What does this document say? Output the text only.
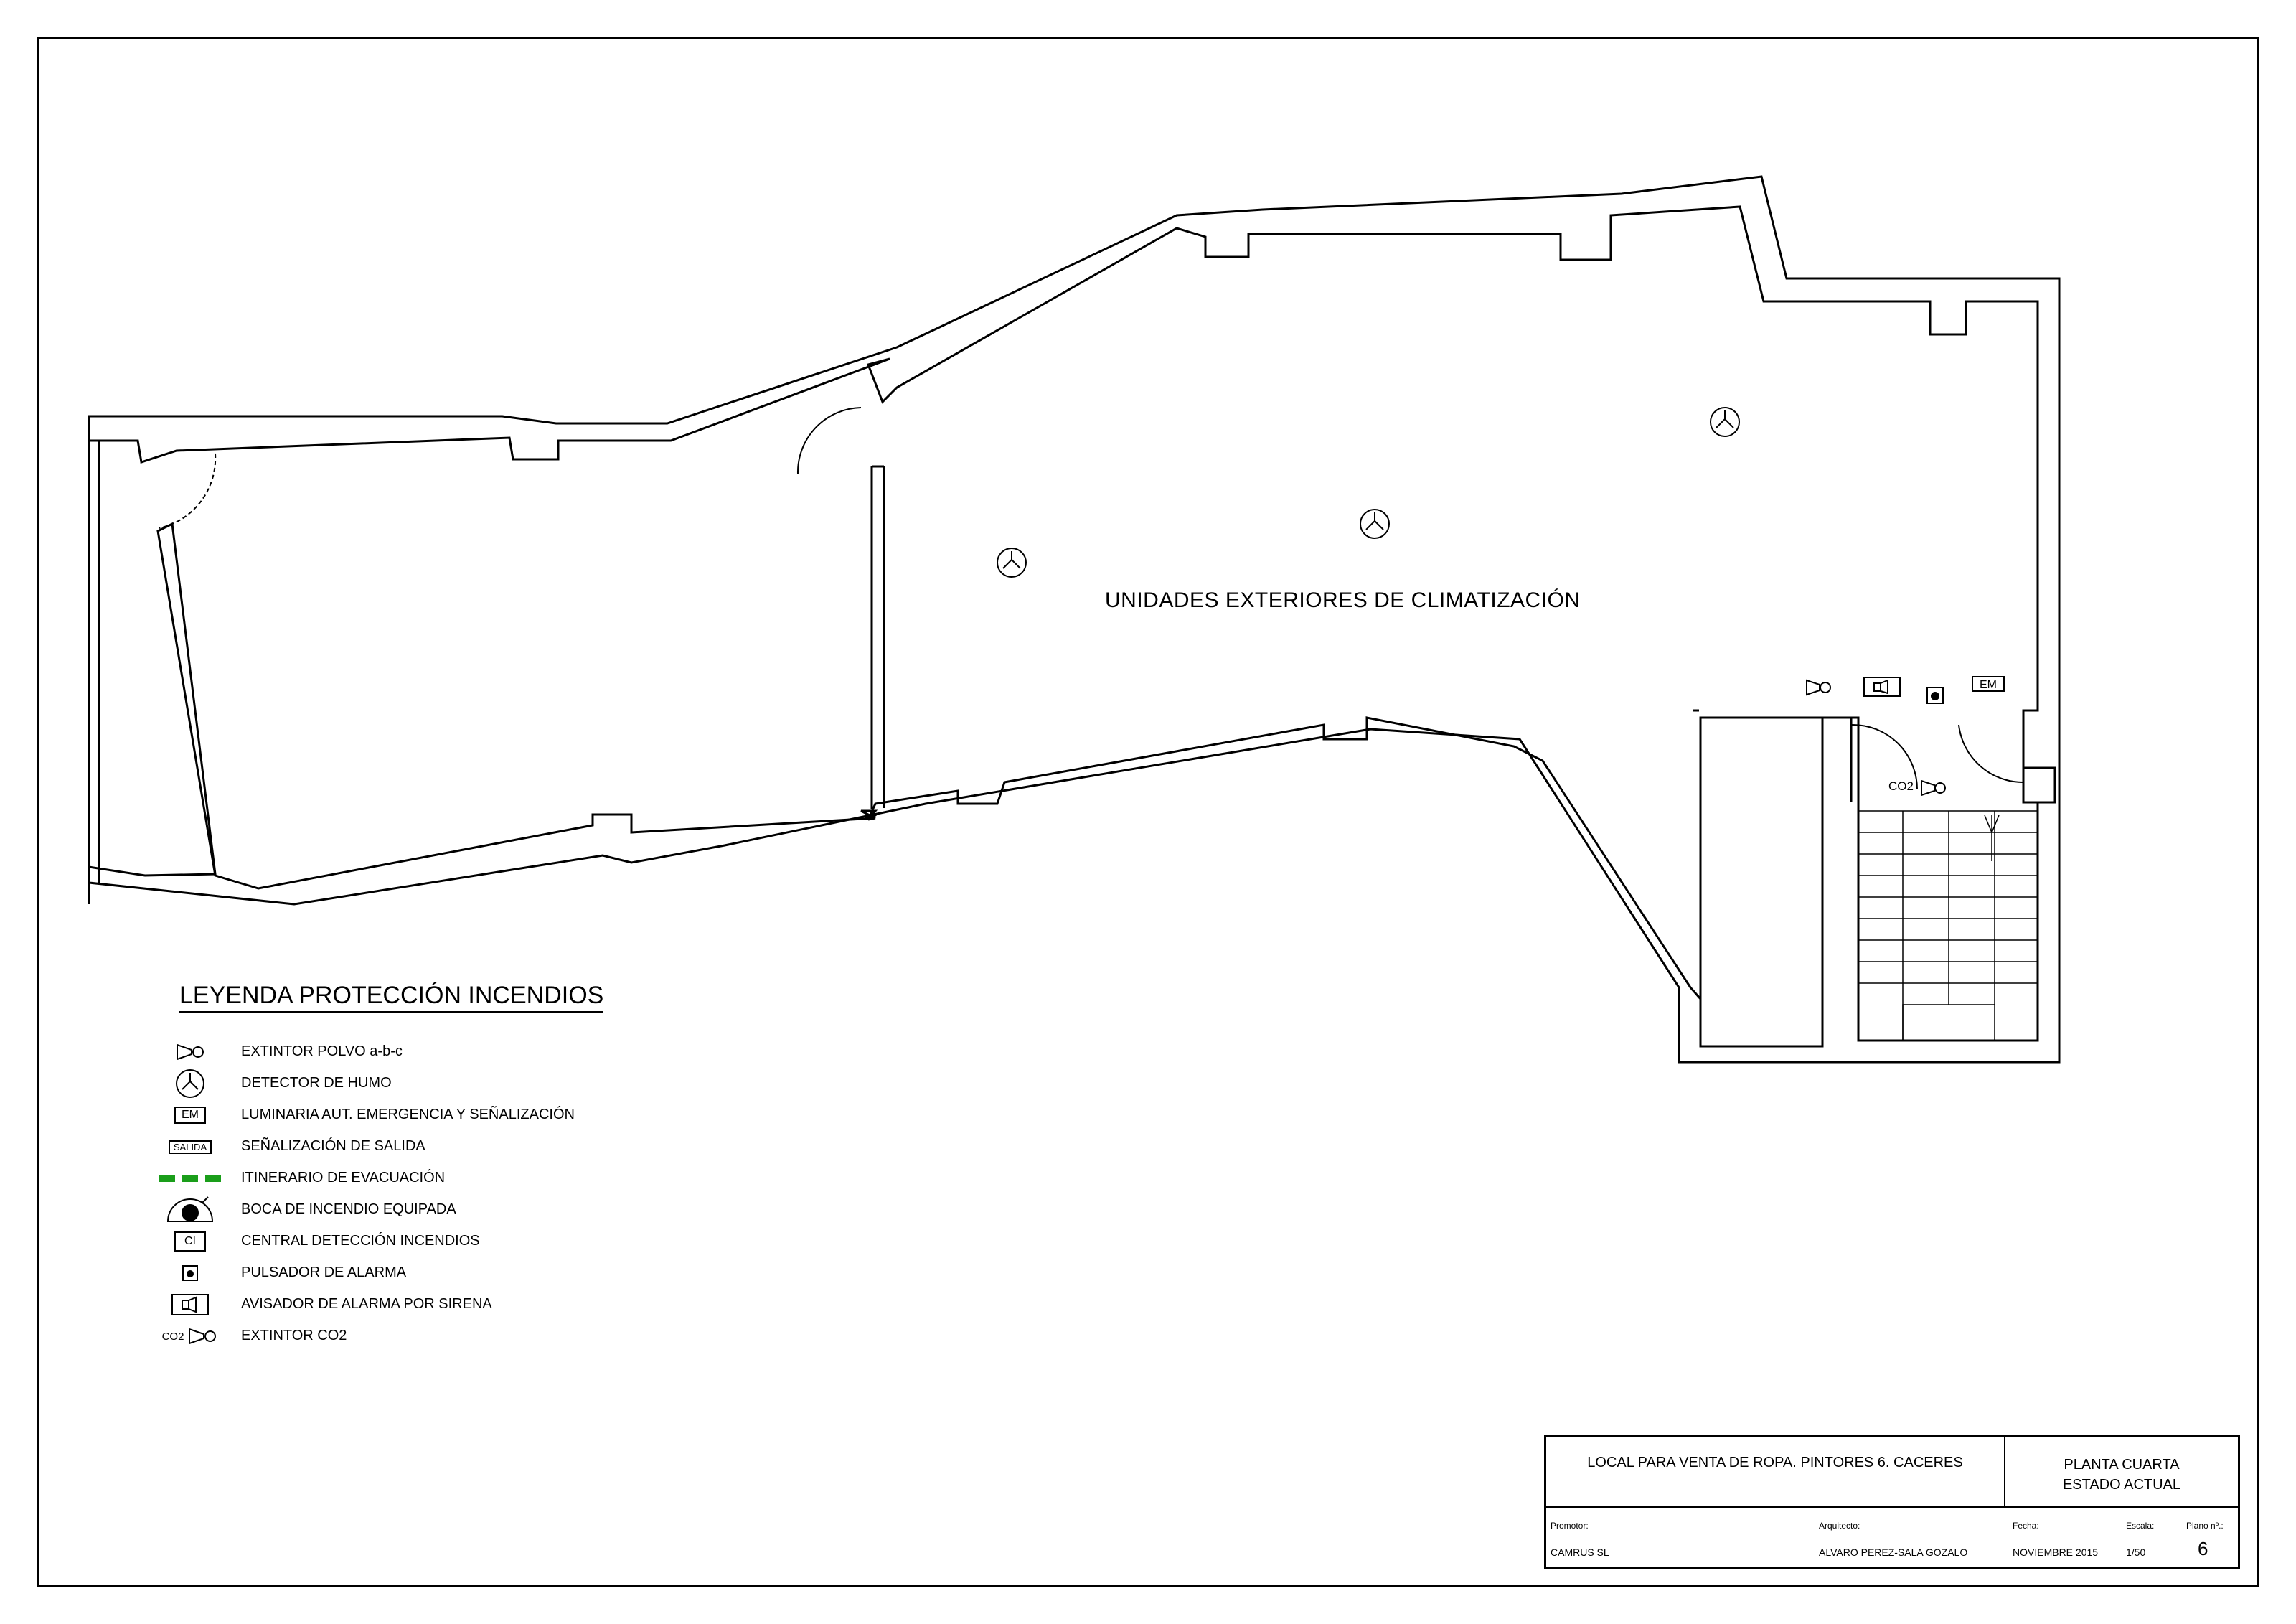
UNIDADES EXTERIORES DE CLIMATIZACIÓN
CO2
EM
LEYENDA PROTECCIÓN INCENDIOS
EXTINTOR POLVO a-b-c
DETECTOR DE HUMO
EM	LUMINARIA AUT. EMERGENCIA Y SEÑALIZACIÓN
SALIDA	SEÑALIZACIÓN DE SALIDA
ITINERARIO DE EVACUACIÓN
BOCA DE INCENDIO EQUIPADA
CI	CENTRAL DETECCIÓN INCENDIOS
PULSADOR DE ALARMA
AVISADOR DE ALARMA POR SIRENA
CO2	EXTINTOR CO2
LOCAL PARA VENTA DE ROPA. PINTORES 6. CACERES	PLANTA CUARTA
ESTADO ACTUAL
Promotor:
CAMRUS SL
Arquitecto:
ALVARO PEREZ-SALA GOZALO
Fecha:
NOVIEMBRE 2015
Escala:
1/50
Plano nº.:
6
